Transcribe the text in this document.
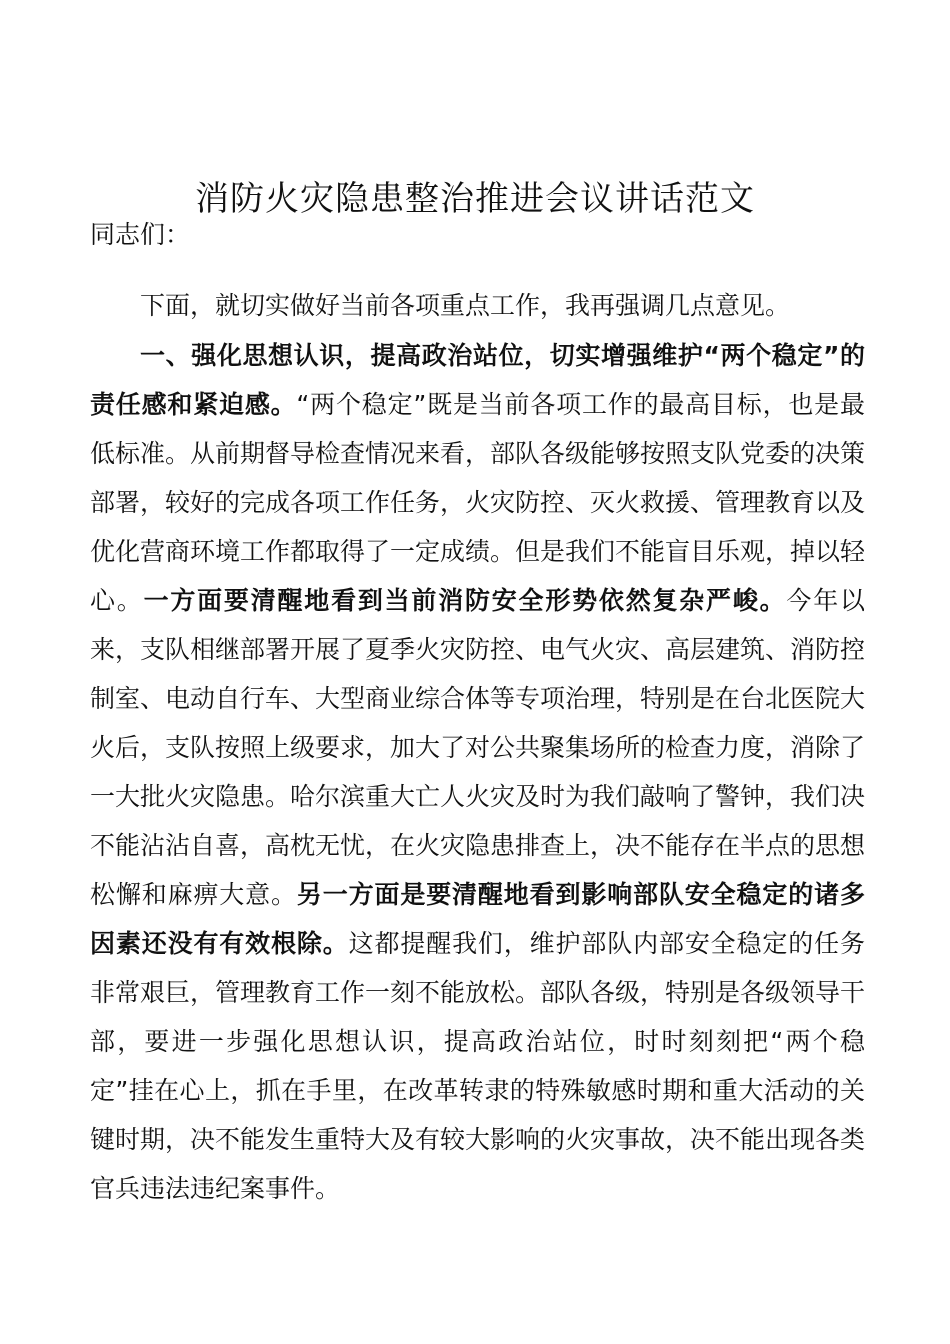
消防火灾隐患整治推进会议讲话范文

同志们：

下面，就切实做好当前各项重点工作，我再强调几点意见。

一、强化思想认识，提高政治站位，切实增强维护“两个稳定”的责任感和紧迫感。“两个稳定”既是当前各项工作的最高目标，也是最低标准。从前期督导检查情况来看，部队各级能够按照支队党委的决策部署，较好的完成各项工作任务，火灾防控、灭火救援、管理教育以及优化营商环境工作都取得了一定成绩。但是我们不能盲目乐观，掉以轻心。一方面要清醒地看到当前消防安全形势依然复杂严峻。今年以来，支队相继部署开展了夏季火灾防控、电气火灾、高层建筑、消防控制室、电动自行车、大型商业综合体等专项治理，特别是在台北医院大火后，支队按照上级要求，加大了对公共聚集场所的检查力度，消除了一大批火灾隐患。哈尔滨重大亡人火灾及时为我们敲响了警钟，我们决不能沾沾自喜，高枕无忧，在火灾隐患排查上，决不能存在半点的思想松懈和麻痹大意。另一方面是要清醒地看到影响部队安全稳定的诸多因素还没有有效根除。这都提醒我们，维护部队内部安全稳定的任务非常艰巨，管理教育工作一刻不能放松。部队各级，特别是各级领导干部，要进一步强化思想认识，提高政治站位，时时刻刻把“两个稳定”挂在心上，抓在手里，在改革转隶的特殊敏感时期和重大活动的关键时期，决不能发生重特大及有较大影响的火灾事故，决不能出现各类官兵违法违纪案事件。
